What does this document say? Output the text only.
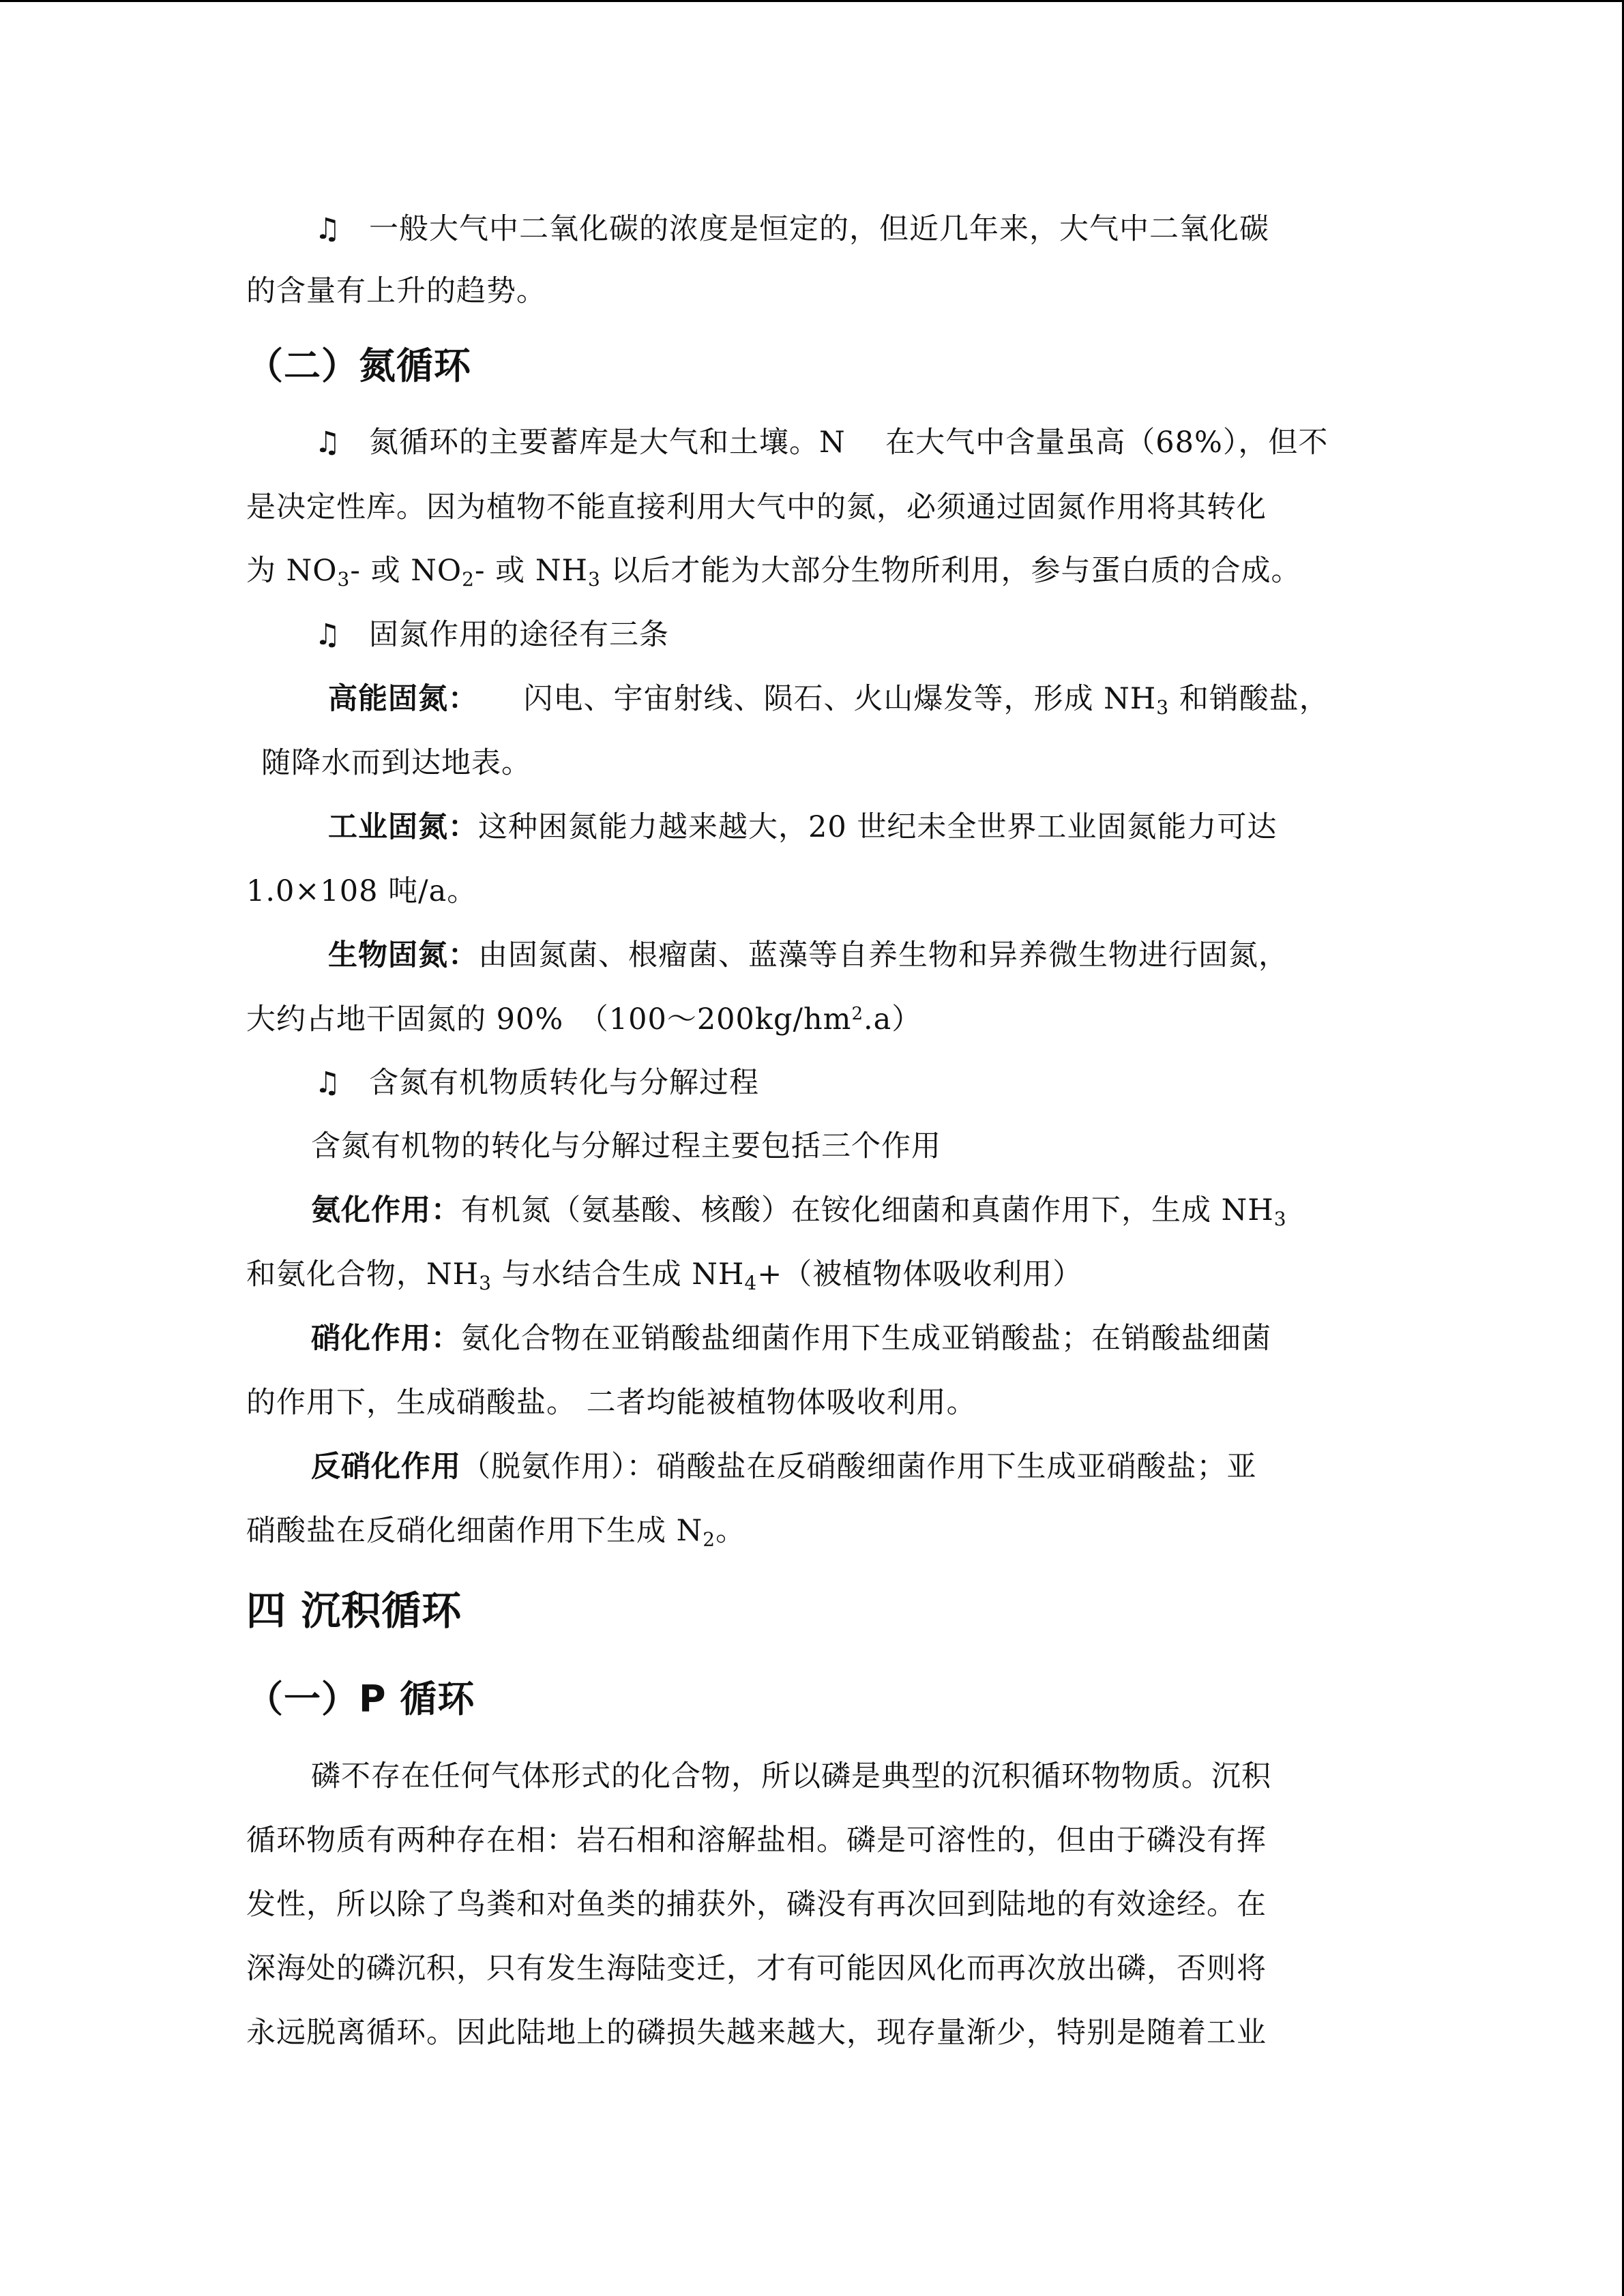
♫ 一般大气中二氧化碳的浓度是恒定的，但近几年来，大气中二氧化碳
的含量有上升的趋势。
（二）氮循环
♫ 氮循环的主要蓄库是大气和土壤。N　 在大气中含量虽高（68%），但不
是决定性库。因为植物不能直接利用大气中的氮，必须通过固氮作用将其转化
为 $NO_3-$ 或 $NO_2-$ 或 $NH_3$ 以后才能为大部分生物所利用，参与蛋白质的合成。
♫ 固氮作用的途径有三条
高能固氮：　　闪电、宇宙射线、陨石、火山爆发等，形成 $NH_3$ 和销酸盐，
随降水而到达地表。
工业固氮：这种困氮能力越来越大，20 世纪未全世界工业固氮能力可达
1.0×108 吨/a。
生物固氮：由固氮菌、根瘤菌、蓝藻等自养生物和异养微生物进行固氮，
大约占地干固氮的 90%　$(100\sim 200kg/hm^2.a)$
♫ 含氮有机物质转化与分解过程
含氮有机物的转化与分解过程主要包括三个作用
氨化作用：有机氮（氨基酸、核酸）在铵化细菌和真菌作用下，生成 $NH_3$
和氨化合物，$NH_3$ 与水结合生成 $NH_4+$（被植物体吸收利用）
硝化作用：氨化合物在亚销酸盐细菌作用下生成亚销酸盐；在销酸盐细菌
的作用下，生成硝酸盐。 二者均能被植物体吸收利用。
反硝化作用（脱氨作用）：硝酸盐在反硝酸细菌作用下生成亚硝酸盐；亚
硝酸盐在反硝化细菌作用下生成 $N_2$。
四 沉积循环
（一）P 循环
磷不存在任何气体形式的化合物，所以磷是典型的沉积循环物物质。沉积
循环物质有两种存在相：岩石相和溶解盐相。磷是可溶性的，但由于磷没有挥
发性，所以除了鸟粪和对鱼类的捕获外，磷没有再次回到陆地的有效途经。在
深海处的磷沉积，只有发生海陆变迁，才有可能因风化而再次放出磷，否则将
永远脱离循环。因此陆地上的磷损失越来越大，现存量渐少，特别是随着工业
